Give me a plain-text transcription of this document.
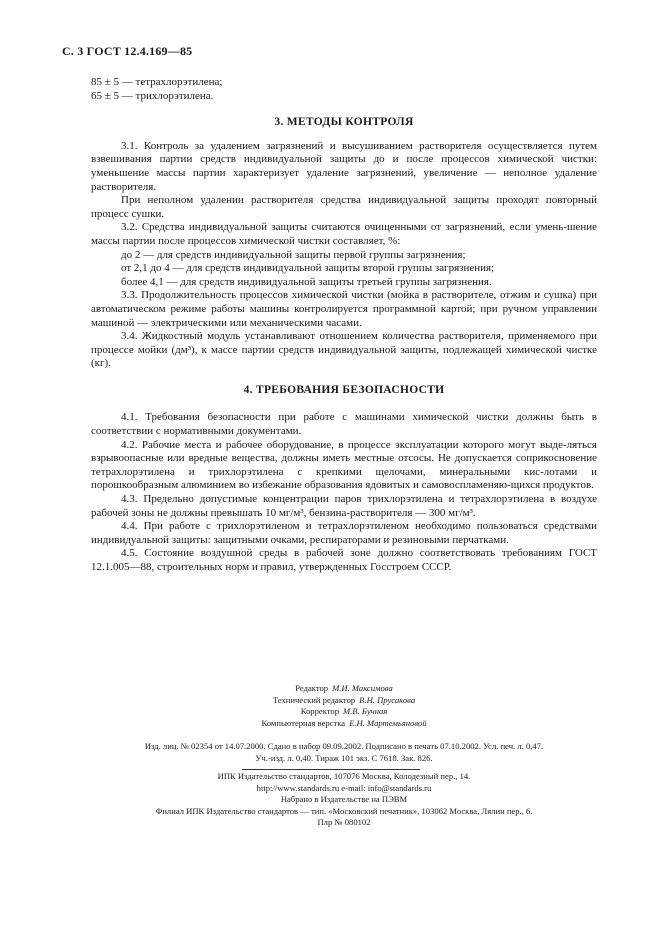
С. 3 ГОСТ 12.4.169—85
85 ± 5 — тетрахлорэтилена;
65 ± 5 — трихлорэтилена.
3. МЕТОДЫ КОНТРОЛЯ
3.1. Контроль за удалением загрязнений и высушиванием растворителя осуществляется путем взвешивания партии средств индивидуальной защиты до и после процессов химической чистки: уменьшение массы партии характеризует удаление загрязнений, увеличение — неполное удаление растворителя.
При неполном удалении растворителя средства индивидуальной защиты проходят повторный процесс сушки.
3.2. Средства индивидуальной защиты считаются очищенными от загрязнений, если умень-шение массы партии после процессов химической чистки составляет, %:
до 2 — для средств индивидуальной защиты первой группы загрязнения;
от 2,1 до 4 — для средств индивидуальной защиты второй группы загрязнения;
более 4,1 — для средств индивидуальной защиты третьей группы загрязнения.
3.3. Продолжительность процессов химической чистки (мойка в растворителе, отжим и сушка) при автоматическом режиме работы машины контролируется программной картой; при ручном управлении машиной — электрическими или механическими часами.
3.4. Жидкостный модуль устанавливают отношением количества растворителя, применяемого при процессе мойки (дм³), к массе партии средств индивидуальной защиты, подлежащей химической чистке (кг).
4. ТРЕБОВАНИЯ БЕЗОПАСНОСТИ
4.1. Требования безопасности при работе с машинами химической чистки должны быть в соответствии с нормативными документами.
4.2. Рабочие места и рабочее оборудование, в процессе эксплуатации которого могут выде-ляться взрывоопасные или вредные вещества, должны иметь местные отсосы. Не допускается соприкосновение тетрахлорэтилена и трихлорэтилена с крепкими щелочами, минеральными кис-лотами и порошкообразным алюминием во избежание образования ядовитых и самовоспламеняю-щихся продуктов.
4.3. Предельно допустимые концентрации паров трихлорэтилена и тетрахлорэтилена в воздухе рабочей зоны не должны превышать 10 мг/м³, бензина-растворителя — 300 мг/м³.
4.4. При работе с трихлорэтиленом и тетрахлорэтиленом необходимо пользоваться средствами индивидуальной защиты: защитными очками, респираторами и резиновыми перчатками.
4.5. Состояние воздушной среды в рабочей зоне должно соответствовать требованиям ГОСТ 12.1.005—88, строительных норм и правил, утвержденных Госстроем СССР.
Редактор М.И. Максимова
Технический редактор В.Н. Прусакова
Корректор М.В. Бучная
Компьютерная верстка Е.Н. Мартемьяновой
Изд. лиц. № 02354 от 14.07.2000. Сдано в набор 09.09.2002. Подписано в печать 07.10.2002. Усл. печ. л. 0,47.
Уч.-изд. л. 0,40. Тираж 101 экз. С 7618. Зак. 826.
ИПК Издательство стандартов, 107076 Москва, Колодезный пер., 14.
http://www.standards.ru e-mail: info@standards.ru
Набрано в Издательстве на ПЭВМ
Филиал ИПК Издательство стандартов — тип. «Московский печатник», 103062 Москва, Лялин пер., 6.
Плр № 080102
